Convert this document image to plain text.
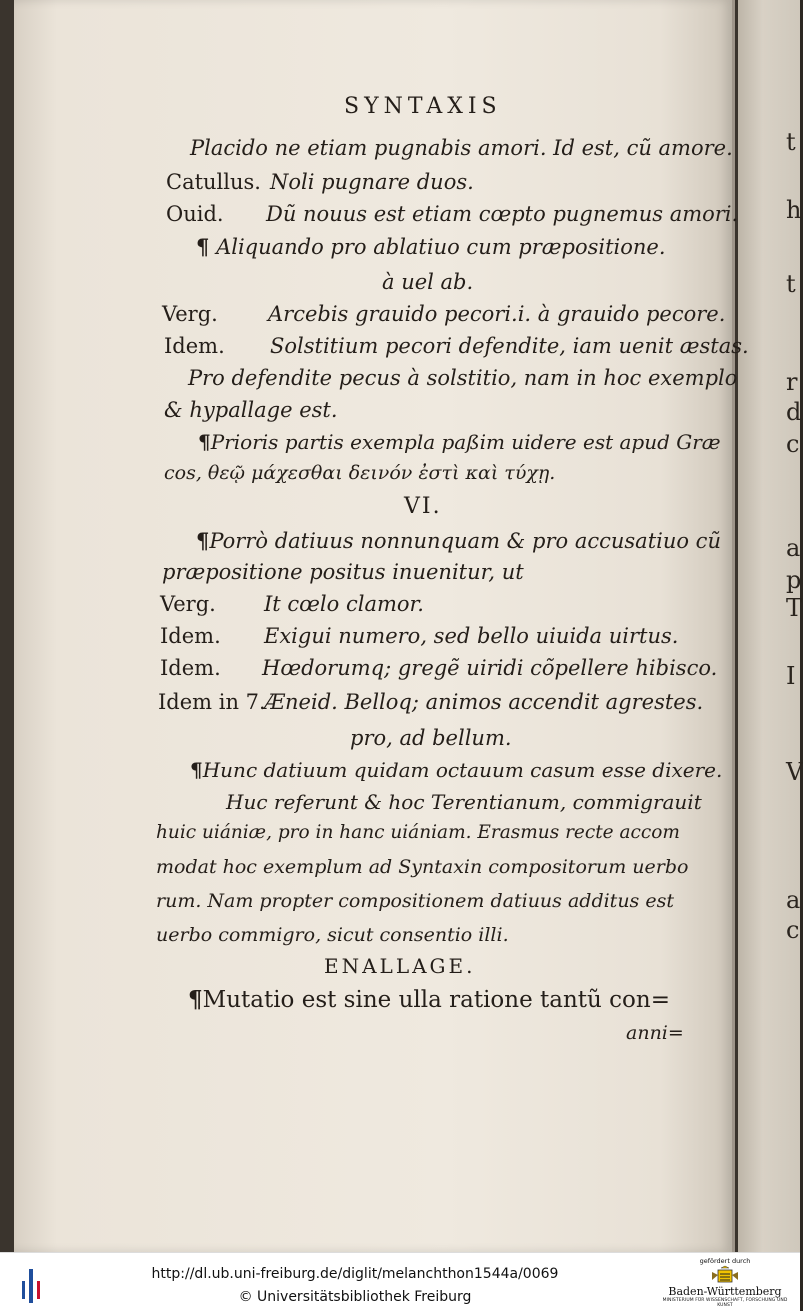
t
h
t
r
d
c
a
p
T
I
V
a
c
SYNTAXIS
Placido ne etiam pugnabis amori. Id est, cũ amore.
Catullus. Noli pugnare duos.
Ouid. Dũ nouus est etiam cœpto pugnemus amori.
¶ Aliquando pro ablatiuo cum præpositione.
à uel ab.
Verg. Arcebis grauido pecori.i. à grauido pecore.
Idem. Solstitium pecori defendite, iam uenit æstas.
Pro defendite pecus à solstitio, nam in hoc exemplo
& hypallage est.
¶Prioris partis exempla paßim uidere est apud Græ
cos, θεῷ μάχεσθαι δεινόν ἐστὶ καὶ τύχῃ.
VI.
¶Porrò datiuus nonnunquam & pro accusatiuo cũ
præpositione positus inuenitur, ut
Verg. It cœlo clamor.
Idem. Exigui numero, sed bello uiuida uirtus.
Idem. Hœdorumq; gregẽ uiridi cõpellere hibisco.
Idem in 7.
Æneid. Belloq; animos accendit agrestes.
pro, ad bellum.
¶Hunc datiuum quidam octauum casum esse dixere.
Huc referunt & hoc Terentianum, commigrauit
huic uiániæ, pro in hanc uiániam. Erasmus recte accom
modat hoc exemplum ad Syntaxin compositorum uerbo
rum. Nam propter compositionem datiuus additus est
uerbo commigro, sicut consentio illi.
ENALLAGE.
¶Mutatio est sine ulla ratione tantũ con=
anni=
http://dl.ub.uni-freiburg.de/diglit/melanchthon1544a/0069
© Universitätsbibliothek Freiburg
gefördert durch
Baden-Württemberg
MINISTERIUM FÜR WISSENSCHAFT, FORSCHUNG UND KUNST
